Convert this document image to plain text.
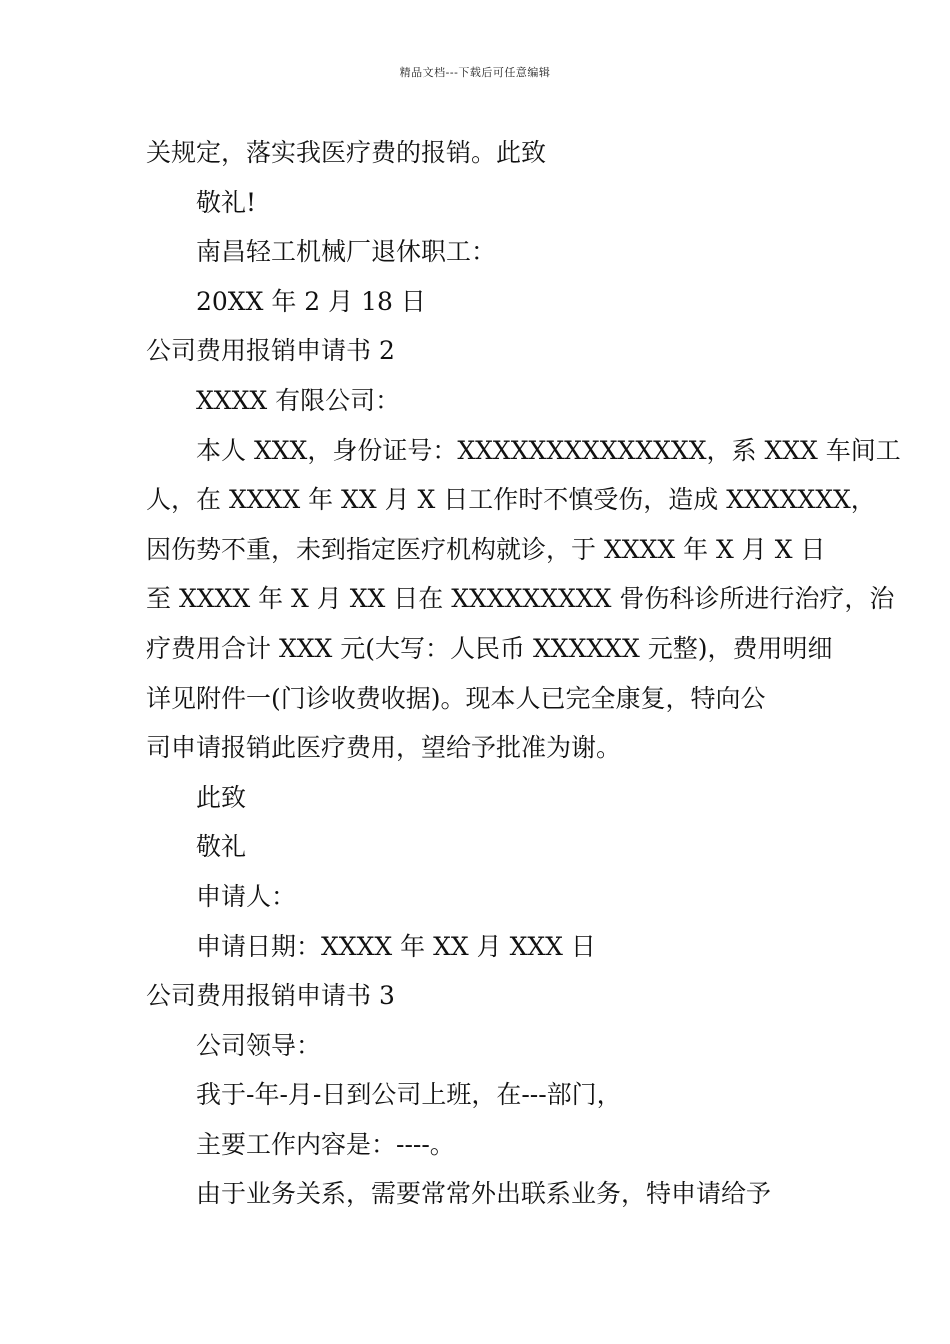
精品文档---下载后可任意编辑
关规定，落实我医疗费的报销。此致
敬礼!
南昌轻工机械厂退休职工：
20XX 年 2 月 18 日
公司费用报销申请书 2
XXXX 有限公司：
本人 XXX，身份证号：XXXXXXXXXXXXXX，系 XXX 车间工
人，在 XXXX 年 XX 月 X 日工作时不慎受伤，造成 XXXXXXX，
因伤势不重，未到指定医疗机构就诊，于 XXXX 年 X 月 X 日
至 XXXX 年 X 月 XX 日在 XXXXXXXXX 骨伤科诊所进行治疗，治
疗费用合计 XXX 元(大写：人民币 XXXXXX 元整)，费用明细
详见附件一(门诊收费收据)。现本人已完全康复，特向公
司申请报销此医疗费用，望给予批准为谢。
此致
敬礼
申请人：
申请日期：XXXX 年 XX 月 XXX 日
公司费用报销申请书 3
公司领导：
我于-年-月-日到公司上班，在---部门，
主要工作内容是：----。
由于业务关系，需要常常外出联系业务，特申请给予
